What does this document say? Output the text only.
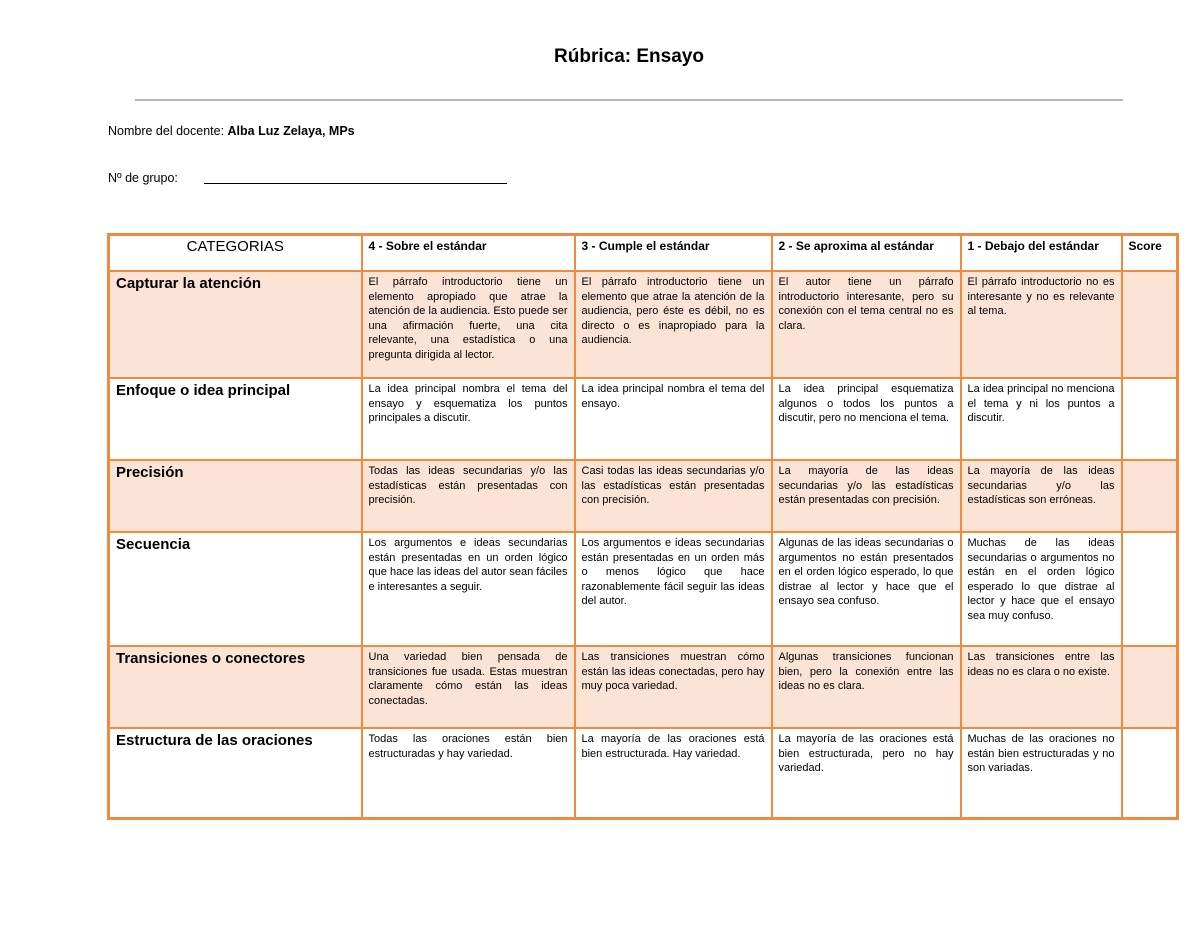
Rúbrica: Ensayo
Nombre del docente: Alba Luz Zelaya, MPs
Nº de grupo:
CATEGORIAS	4 - Sobre el estándar	3 - Cumple el estándar	2 - Se aproxima al estándar	1 - Debajo del estándar	Score
Capturar la atención	El párrafo introductorio tiene un elemento apropiado que atrae la atención de la audiencia. Esto puede ser una afirmación fuerte, una cita relevante, una estadística o una pregunta dirigida al lector.	El párrafo introductorio tiene un elemento que atrae la atención de la audiencia, pero éste es débil, no es directo o es inapropiado para la audiencia.	El autor tiene un párrafo introductorio interesante, pero su conexión con el tema central no es clara.	El párrafo introductorio no es interesante y no es relevante al tema.	
Enfoque o idea principal	La idea principal nombra el tema del ensayo y esquematiza los puntos principales a discutir.	La idea principal nombra el tema del ensayo.	La idea principal esquematiza algunos o todos los puntos a discutir, pero no menciona el tema.	La idea principal no menciona el tema y ni los puntos a discutir.	
Precisión	Todas las ideas secundarias y/o las estadísticas están presentadas con precisión.	Casi todas las ideas secundarias y/o las estadísticas están presentadas con precisión.	La mayoría de las ideas secundarias y/o las estadísticas están presentadas con precisión.	La mayoría de las ideas secundarias y/o las estadísticas son erróneas.	
Secuencia	Los argumentos e ideas secundarias están presentadas en un orden lógico que hace las ideas del autor sean fáciles e interesantes a seguir.	Los argumentos e ideas secundarias están presentadas en un orden más o menos lógico que hace razonablemente fácil seguir las ideas del autor.	Algunas de las ideas secundarias o argumentos no están presentados en el orden lógico esperado, lo que distrae al lector y hace que el ensayo sea confuso.	Muchas de las ideas secundarias o argumentos no están en el orden lógico esperado lo que distrae al lector y hace que el ensayo sea muy confuso.	
Transiciones o conectores	Una variedad bien pensada de transiciones fue usada. Estas muestran claramente cómo están las ideas conectadas.	Las transiciones muestran cómo están las ideas conectadas, pero hay muy poca variedad.	Algunas transiciones funcionan bien, pero la conexión entre las ideas no es clara.	Las transiciones entre las ideas no es clara o no existe.	
Estructura de las oraciones	Todas las oraciones están bien estructuradas y hay variedad.	La mayoría de las oraciones está bien estructurada. Hay variedad.	La mayoría de las oraciones está bien estructurada, pero no hay variedad.	Muchas de las oraciones no están bien estructuradas y no son variadas.	
